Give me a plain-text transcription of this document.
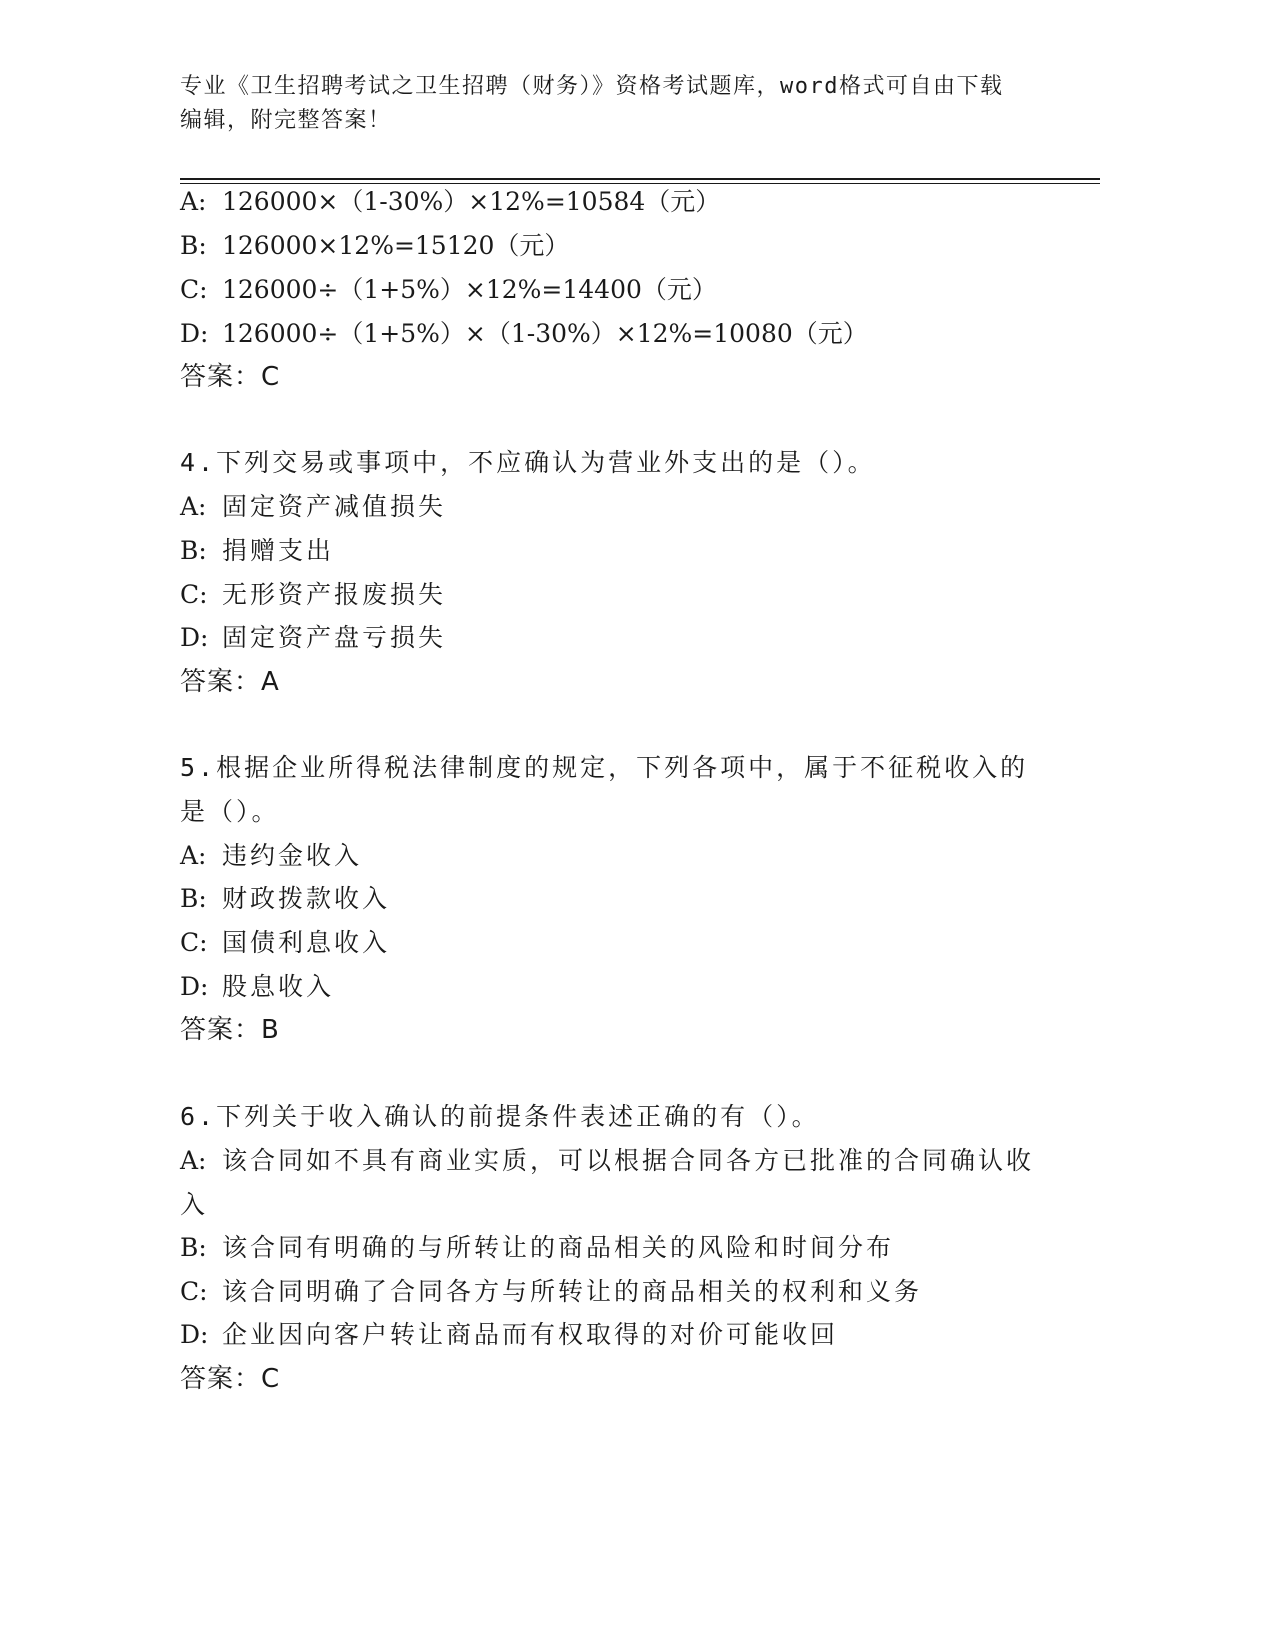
专业《卫生招聘考试之卫生招聘（财务）》资格考试题库，word格式可自由下载
编辑，附完整答案！
A: 126000×（1-30%）×12%=10584（元）
B: 126000×12%=15120（元）
C: 126000÷（1+5%）×12%=14400（元）
D: 126000÷（1+5%）×（1-30%）×12%=10080（元）
答案：C
4.下列交易或事项中，不应确认为营业外支出的是（）。
A: 固定资产减值损失
B: 捐赠支出
C: 无形资产报废损失
D: 固定资产盘亏损失
答案：A
5.根据企业所得税法律制度的规定，下列各项中，属于不征税收入的
是（）。
A: 违约金收入
B: 财政拨款收入
C: 国债利息收入
D: 股息收入
答案：B
6.下列关于收入确认的前提条件表述正确的有（）。
A: 该合同如不具有商业实质，可以根据合同各方已批准的合同确认收
入
B: 该合同有明确的与所转让的商品相关的风险和时间分布
C: 该合同明确了合同各方与所转让的商品相关的权利和义务
D: 企业因向客户转让商品而有权取得的对价可能收回
答案：C
